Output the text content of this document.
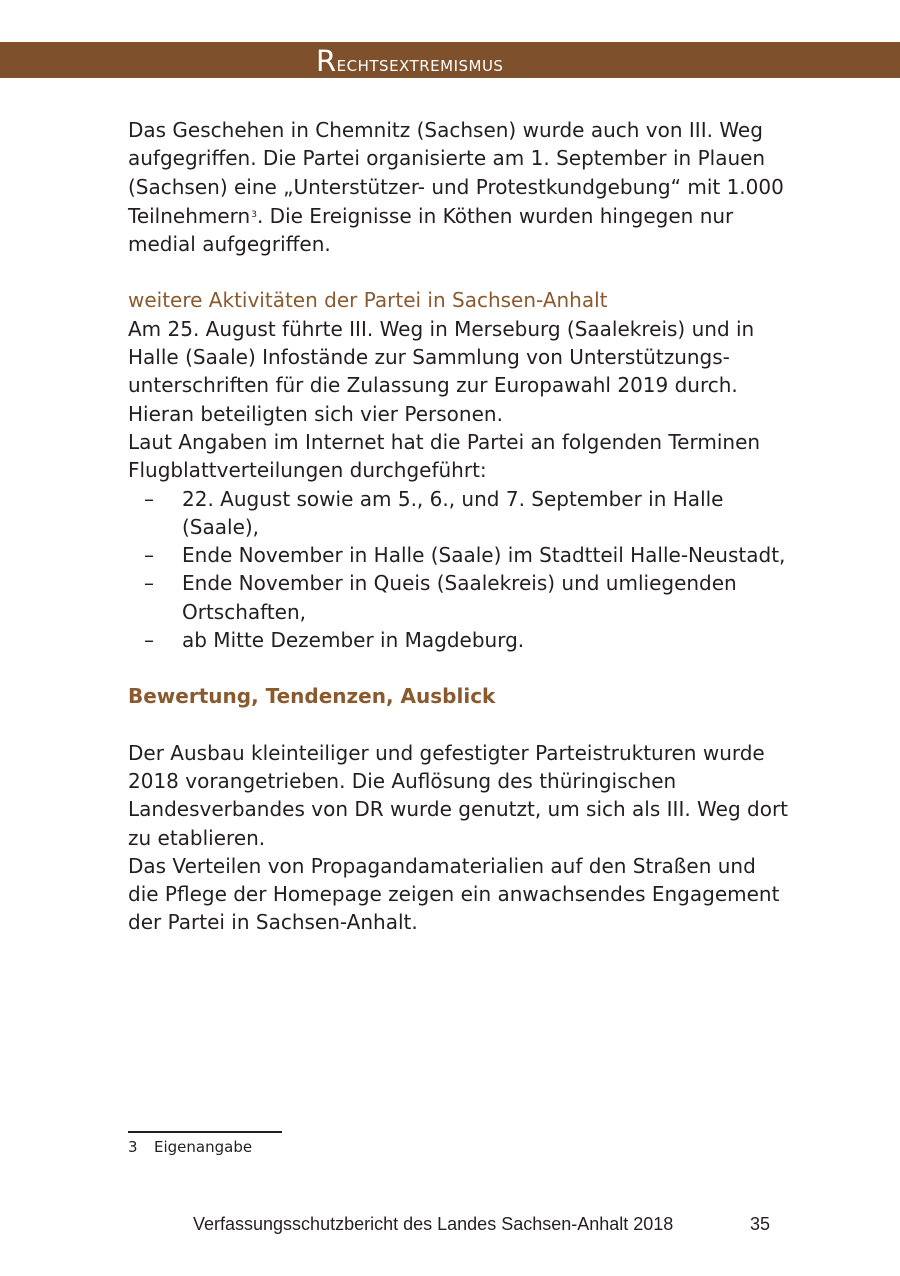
Rechtsextremismus

Das Geschehen in Chemnitz (Sachsen) wurde auch von III. Weg aufgegriffen. Die Partei organisierte am 1. September in Plauen (Sachsen) eine „Unterstützer- und Protestkundgebung“ mit 1.000 Teilnehmern$^3$. Die Ereignisse in Köthen wurden hingegen nur medial aufgegriffen.

weitere Aktivitäten der Partei in Sachsen-Anhalt

Am 25. August führte III. Weg in Merseburg (Saalekreis) und in Halle (Saale) Infostände zur Sammlung von Unterstützungsunterschriften für die Zulassung zur Europawahl 2019 durch. Hieran beteiligten sich vier Personen.

Laut Angaben im Internet hat die Partei an folgenden Terminen Flugblattverteilungen durchgeführt:

– 22. August sowie am 5., 6., und 7. September in Halle (Saale),
– Ende November in Halle (Saale) im Stadtteil Halle-Neustadt,
– Ende November in Queis (Saalekreis) und umliegenden Ortschaften,
– ab Mitte Dezember in Magdeburg.

Bewertung, Tendenzen, Ausblick

Der Ausbau kleinteiliger und gefestigter Parteistrukturen wurde 2018 vorangetrieben. Die Auflösung des thüringischen Landesverbandes von DR wurde genutzt, um sich als III. Weg dort zu etablieren.

Das Verteilen von Propagandamaterialien auf den Straßen und die Pflege der Homepage zeigen ein anwachsendes Engagement der Partei in Sachsen-Anhalt.

3 Eigenangabe
Verfassungsschutzbericht des Landes Sachsen-Anhalt 2018	35
